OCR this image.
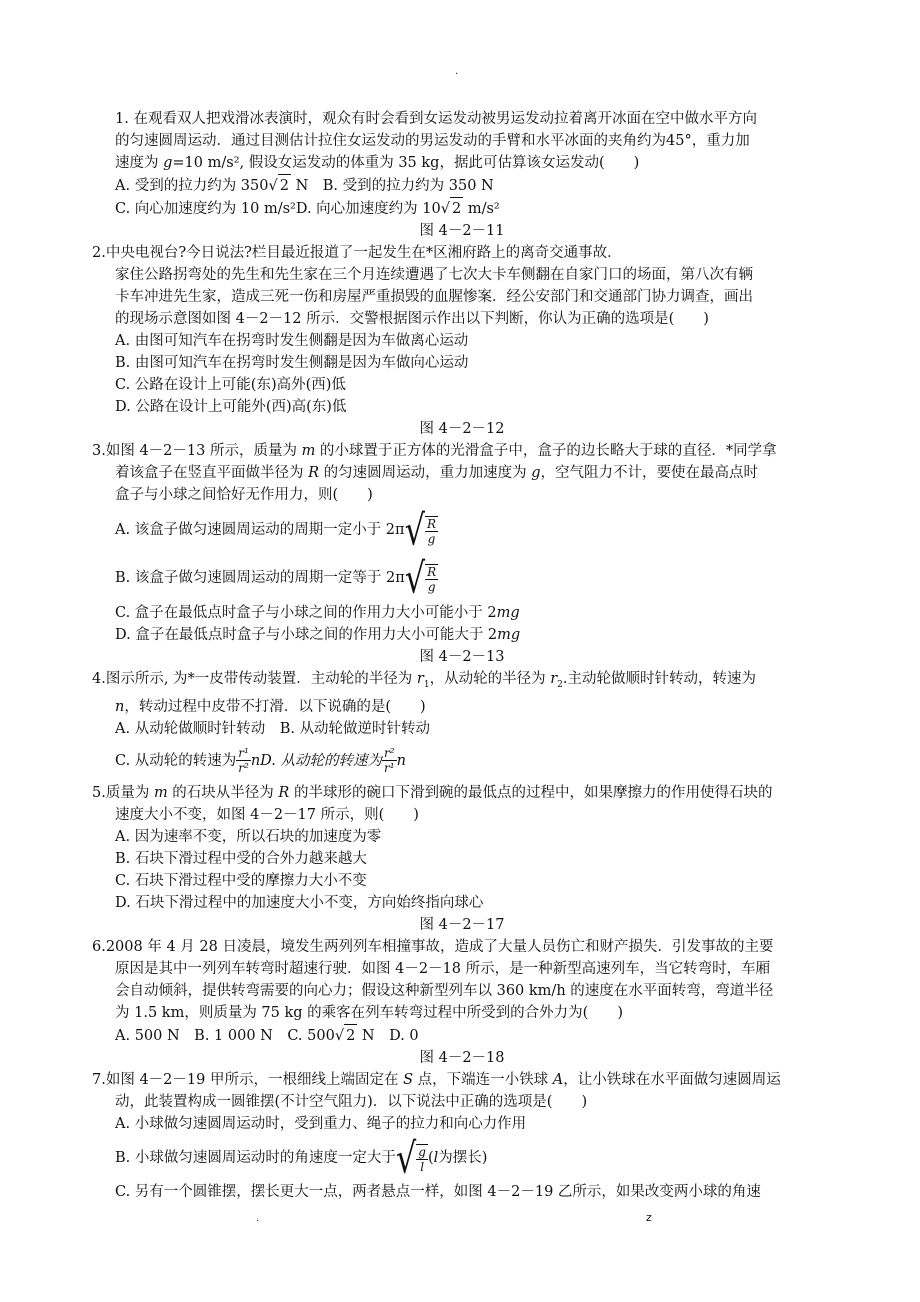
.
1. 在观看双人把戏滑冰表演时，观众有时会看到女运发动被男运发动拉着离开冰面在空中做水平方向
的匀速圆周运动．通过目测估计拉住女运发动的男运发动的手臂和水平冰面的夹角约为45°，重力加
速度为 g=10 m/s², 假设女运发动的体重为 35 kg，据此可估算该女运发动(　　)
A. 受到的拉力约为 350√ 2 N　B. 受到的拉力约为 350 N
C. 向心加速度约为 10 m/s²D. 向心加速度约为 10√ 2 m/s²
图 4－2－11
2.中央电视台?今日说法?栏目最近报道了一起发生在*区湘府路上的离奇交通事故．
家住公路拐弯处的先生和先生家在三个月连续遭遇了七次大卡车侧翻在自家门口的场面，第八次有辆
卡车冲进先生家，造成三死一伤和房屋严重损毁的血腥惨案．经公安部门和交通部门协力调查，画出
的现场示意图如图 4－2－12 所示．交警根据图示作出以下判断，你认为正确的选项是(　　)
A. 由图可知汽车在拐弯时发生侧翻是因为车做离心运动
B. 由图可知汽车在拐弯时发生侧翻是因为车做向心运动
C. 公路在设计上可能(东)高外(西)低
D. 公路在设计上可能外(西)高(东)低
图 4－2－12
3.如图 4－2－13 所示，质量为 m 的小球置于正方体的光滑盒子中，盒子的边长略大于球的直径．*同学拿
着该盒子在竖直平面做半径为 R 的匀速圆周运动，重力加速度为 g，空气阻力不计，要使在最高点时
盒子与小球之间恰好无作用力，则(　　)
A. 该盒子做匀速圆周运动的周期一定小于 2π √ $\frac{R}{g}$
B. 该盒子做匀速圆周运动的周期一定等于 2π √ $\frac{R}{g}$
C. 盒子在最低点时盒子与小球之间的作用力大小可能小于 2mg
D. 盒子在最低点时盒子与小球之间的作用力大小可能大于 2mg
图 4－2－13
4.图示所示, 为*一皮带传动装置．主动轮的半径为 $r_1$，从动轮的半径为 $r_2$.主动轮做顺时针转动，转速为
n，转动过程中皮带不打滑．以下说确的是(　　)
A. 从动轮做顺时针转动　B. 从动轮做逆时针转动
C. 从动轮的转速为 $\frac{\text{r¹}}{\text{r²}}$ nD. 从动轮的转速为 $\frac{\text{r²}}{\text{r¹}}$ n
5.质量为 m 的石块从半径为 R 的半球形的碗口下滑到碗的最低点的过程中，如果摩擦力的作用使得石块的
速度大小不变，如图 4－2－17 所示，则(　　)
A. 因为速率不变，所以石块的加速度为零
B. 石块下滑过程中受的合外力越来越大
C. 石块下滑过程中受的摩擦力大小不变
D. 石块下滑过程中的加速度大小不变，方向始终指向球心
图 4－2－17
6.2008 年 4 月 28 日凌晨，境发生两列列车相撞事故，造成了大量人员伤亡和财产损失．引发事故的主要
原因是其中一列列车转弯时超速行驶．如图 4－2－18 所示，是一种新型高速列车，当它转弯时，车厢
会自动倾斜，提供转弯需要的向心力；假设这种新型列车以 360 km/h 的速度在水平面转弯，弯道半径
为 1.5 km，则质量为 75 kg 的乘客在列车转弯过程中所受到的合外力为(　　)
A. 500 N　B. 1 000 N　C. 500√ 2 N　D. 0
图 4－2－18
7.如图 4－2－19 甲所示，一根细线上端固定在 S 点，下端连一小铁球 A，让小铁球在水平面做匀速圆周运
动，此装置构成一圆锥摆(不计空气阻力)．以下说法中正确的选项是(　　)
A. 小球做匀速圆周运动时，受到重力、绳子的拉力和向心力作用
B. 小球做匀速圆周运动时的角速度一定大于 √ $\frac{g}{l}$ ( l 为摆长)
C. 另有一个圆锥摆，摆长更大一点，两者悬点一样，如图 4－2－19 乙所示，如果改变两小球的角速
.	z
